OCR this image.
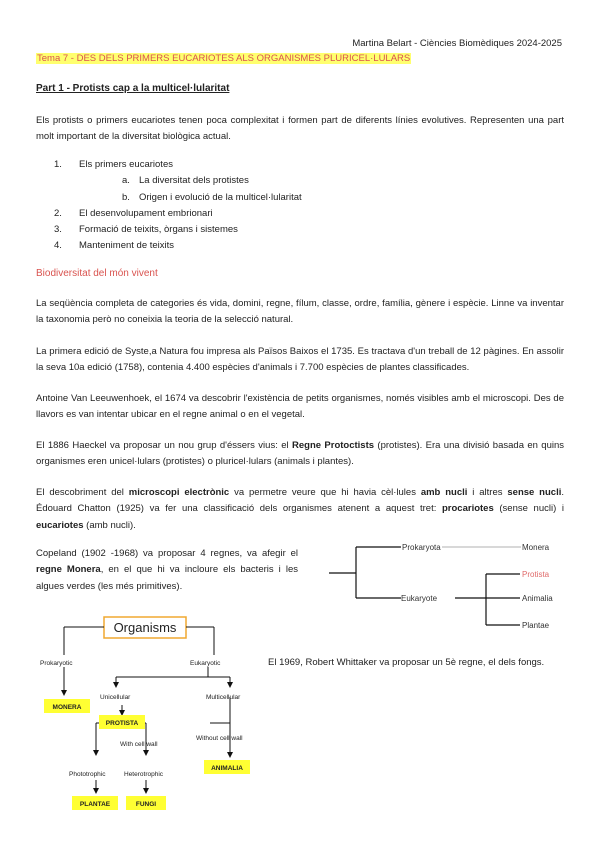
Martina Belart - Ciències Biomèdiques 2024-2025
Tema 7 - DES DELS PRIMERS EUCARIOTES ALS ORGANISMES PLURICEL·LULARS
Part 1 - Protists cap a la multicel·lularitat
Els protists o primers eucariotes tenen poca complexitat i formen part de diferents línies evolutives. Representen una part molt important de la diversitat biològica actual.
1. Els primers eucariotes
a. La diversitat dels protistes
b. Origen i evolució de la multicel·lularitat
2. El desenvolupament embrionari
3. Formació de teixits, òrgans i sistemes
4. Manteniment de teixits
Biodiversitat del món vivent
La seqüència completa de categories és vida, domini, regne, fílum, classe, ordre, família, gènere i espècie. Linne va inventar la taxonomia però no coneixia la teoria de la selecció natural.
La primera edició de Syste,a Natura fou impresa als Països Baixos el 1735. Es tractava d'un treball de 12 pàgines. En assolir la seva 10a edició (1758), contenia 4.400 espècies d'animals i 7.700 espècies de plantes classificades.
Antoine Van Leeuwenhoek, el 1674 va descobrir l'existència de petits organismes, només visibles amb el microscopi. Des de llavors es van intentar ubicar en el regne animal o en el vegetal.
El 1886 Haeckel va proposar un nou grup d'éssers vius: el Regne Protoctists (protistes). Era una divisió basada en quins organismes eren unicel·lulars (protistes) o pluricel·lulars (animals i plantes).
El descobriment del microscopi electrònic va permetre veure que hi havia cèl·lules amb nucli i altres sense nucli. Édouard Chatton (1925) va fer una classificació dels organismes atenent a aquest tret: procariotes (sense nucli) i eucariotes (amb nucli).
Copeland (1902 -1968) va proposar 4 regnes, va afegir el regne Monera, en el que hi va incloure els bacteris i les algues verdes (les més primitives).
Prokaryota
Eukaryote
Monera
Protista
Animalia
Plantae
Organisms
Prokaryotic	Eukaryotic
MONERA
Unicellular	Multicellular
PROTISTA
With cell wall
Without cell wall
ANIMALIA
Phototrophic	Heterotrophic
PLANTAE	FUNGI
El 1969, Robert Whittaker va proposar un 5è regne, el dels fongs.
